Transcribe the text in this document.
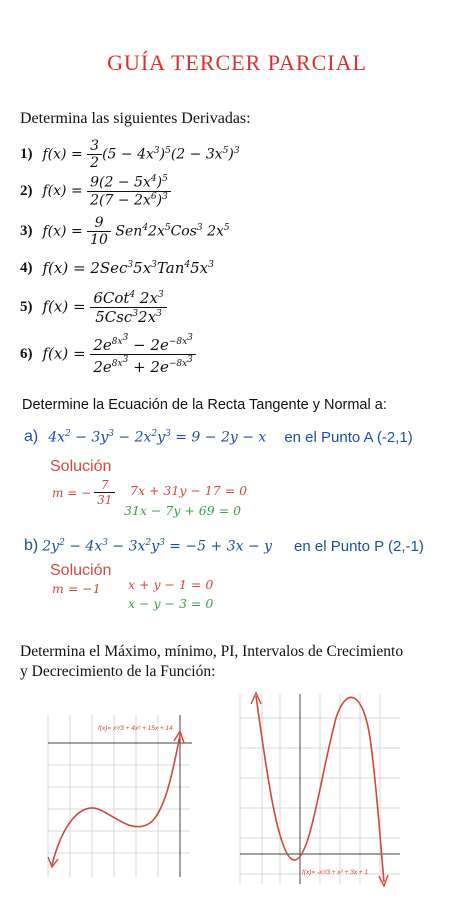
GUÍA TERCER PARCIAL
Determina las siguientes Derivadas:
1) $f(x) = \frac{3}{2} (5 - 4x^3)^5(2 - 3x^5)^3$
2) $f(x) = \frac{9(2 - 5x^4)^5}{2(7 - 2x^6)^3}$
3) $f(x) = \frac{9}{10} Sen^42x^5Cos^3$ $2x^5$
4) $f(x) = 2Sec^35x^3Tan^45x^3$
5) $f(x) = \frac{6Cot^4 2x^3}{5Csc^32x^3}$
6) $f(x) = \frac{2e^{8x^3} - 2e^{-8x^3}}{2e^{8x^3} + 2e^{-8x^3}}$
Determine la Ecuación de la Recta Tangente y Normal a:
a) $4x^2 - 3y^3 - 2x^2y^3 = 9 - 2y - x$ en el Punto A (-2,1)
Solución
m = − $\frac{7}{31} 7x + 31y - 17 = 0$
31x − 7y + 69 = 0
b) $2y^2 - 4x^3 - 3x^2y^3 = -5 + 3x - y$ en el Punto P (2,-1)
Solución
m = −1 x + y − 1 = 0
x − y − 3 = 0
Determina el Máximo, mínimo, PI, Intervalos de Crecimiento
y Decrecimiento de la Función:
f(x)= x³/3 + 4x² + 15x + 14
f(x)= -x³/3 + x² + 3x + 1
